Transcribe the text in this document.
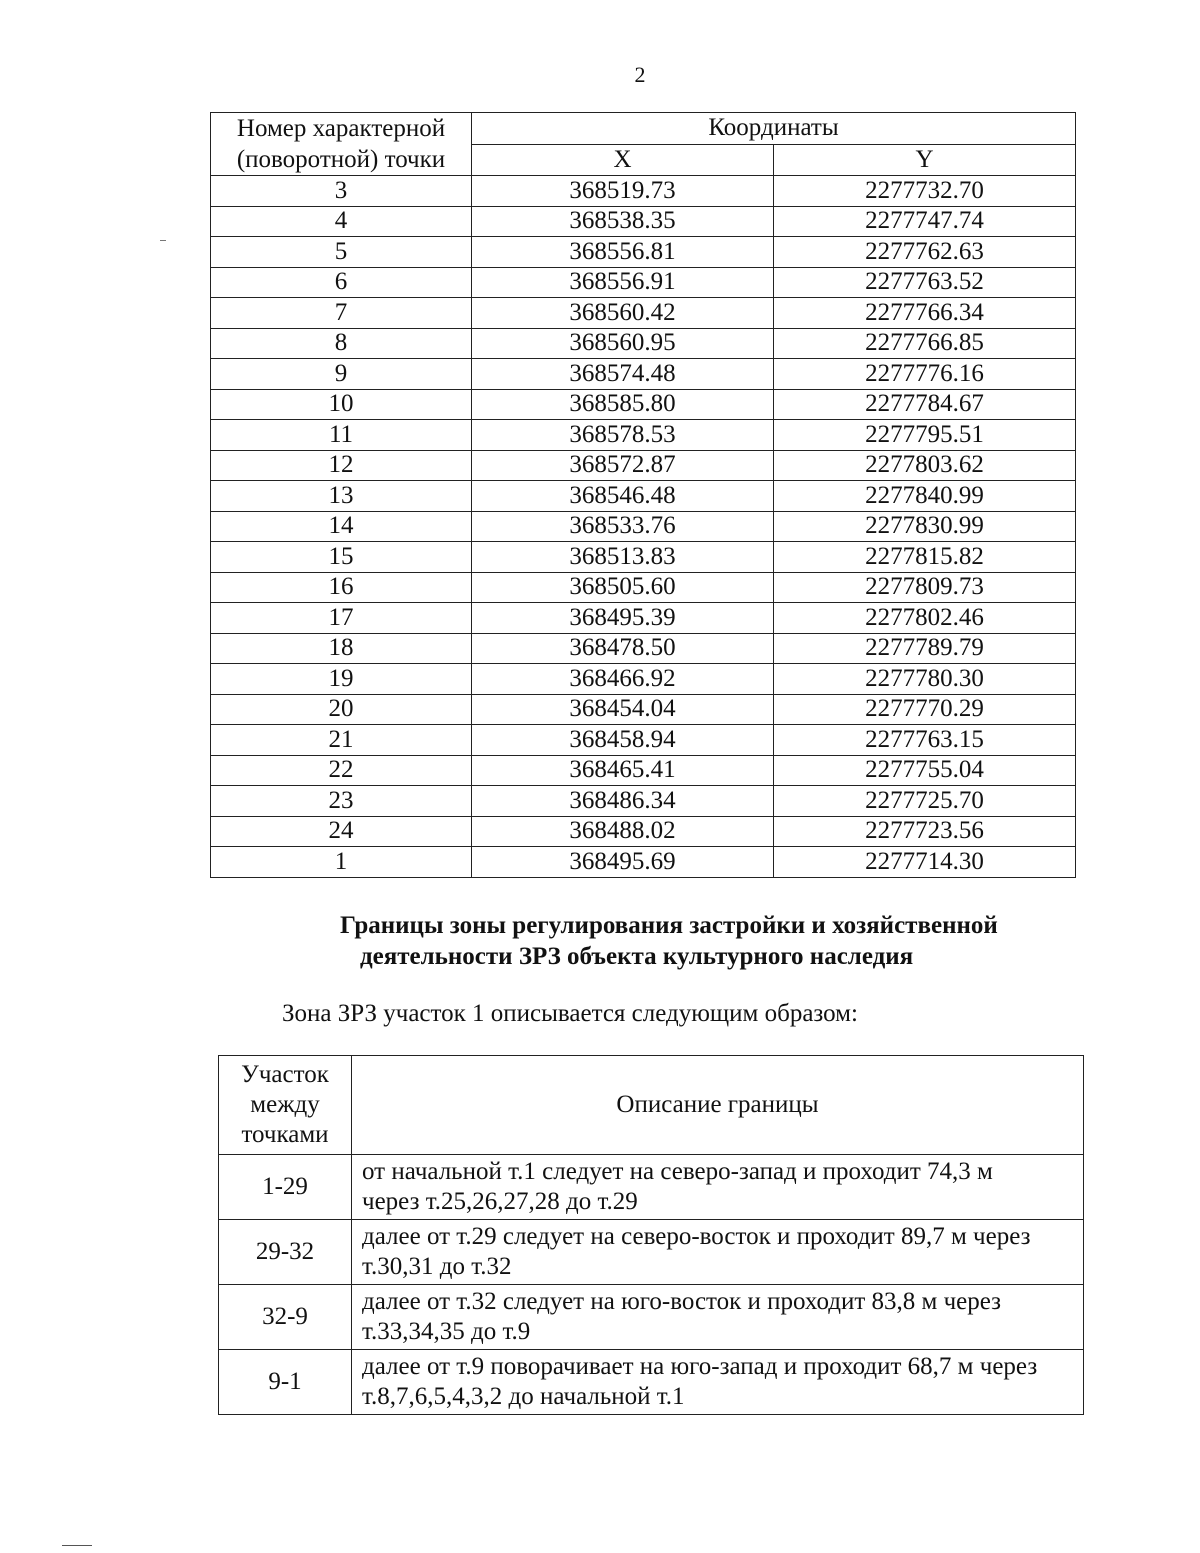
2
Номер характерной
(поворотной) точки	Координаты	
	X	Y
3	368519.73	2277732.70
4	368538.35	2277747.74
5	368556.81	2277762.63
6	368556.91	2277763.52
7	368560.42	2277766.34
8	368560.95	2277766.85
9	368574.48	2277776.16
10	368585.80	2277784.67
11	368578.53	2277795.51
12	368572.87	2277803.62
13	368546.48	2277840.99
14	368533.76	2277830.99
15	368513.83	2277815.82
16	368505.60	2277809.73
17	368495.39	2277802.46
18	368478.50	2277789.79
19	368466.92	2277780.30
20	368454.04	2277770.29
21	368458.94	2277763.15
22	368465.41	2277755.04
23	368486.34	2277725.70
24	368488.02	2277723.56
1	368495.69	2277714.30
Границы зоны регулирования застройки и хозяйственной
деятельности ЗРЗ объекта культурного наследия
Зона ЗРЗ участок 1 описывается следующим образом:
Участок
между
точками	Описание границы
1-29	от начальной т.1 следует на северо-запад и проходит 74,3 м
через т.25,26,27,28 до т.29
29-32	далее от т.29 следует на северо-восток и проходит 89,7 м через
т.30,31 до т.32
32-9	далее от т.32 следует на юго-восток и проходит 83,8 м через
т.33,34,35 до т.9
9-1	далее от т.9 поворачивает на юго-запад и проходит 68,7 м через
т.8,7,6,5,4,3,2 до начальной т.1
